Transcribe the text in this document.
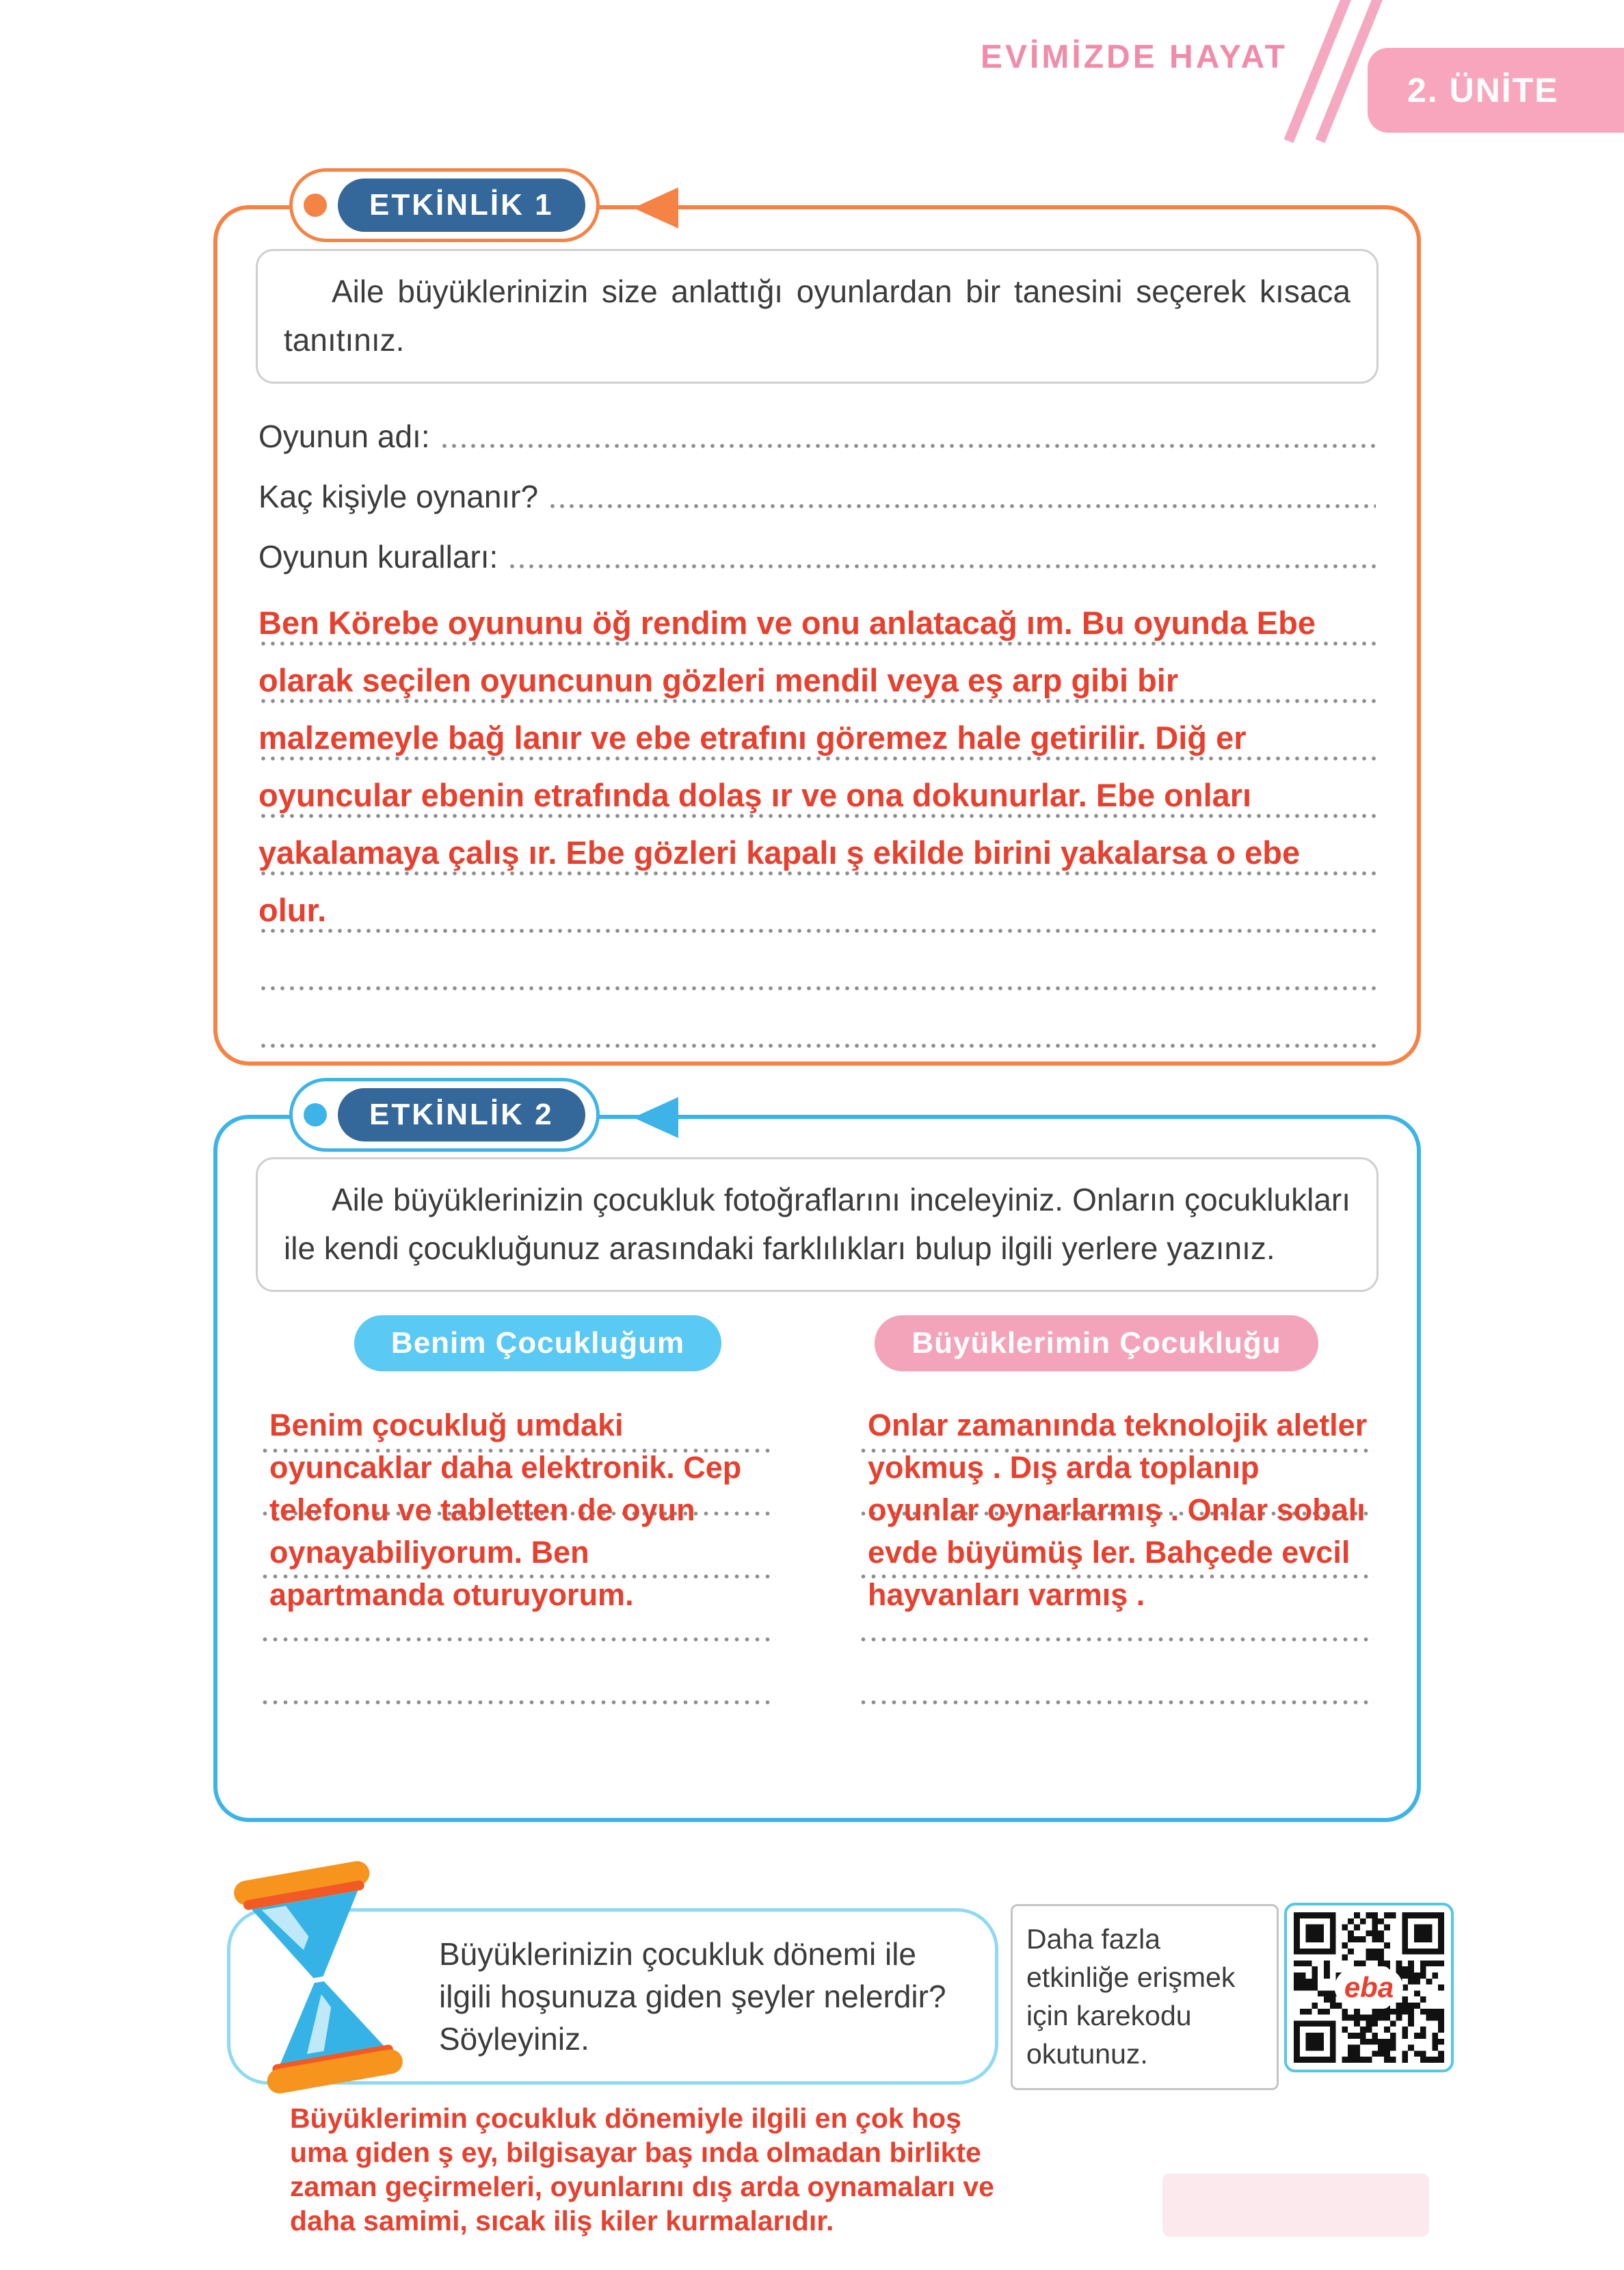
EVİMİZDE HAYAT
2. ÜNİTE
ETKİNLİK 1

Aile büyüklerinizin size anlattığı oyunlardan bir tanesini seçerek kısaca tanıtınız.

Oyunun adı:
Kaç kişiyle oynanır?
Oyunun kuralları:
Ben Körebe oyununu öğ rendim ve onu anlatacağ ım. Bu oyunda Ebe olarak seçilen oyuncunun gözleri mendil veya eş arp gibi bir malzemeyle bağ lanır ve ebe etrafını göremez hale getirilir. Diğ er oyuncular ebenin etrafında dolaş ır ve ona dokunurlar. Ebe onları yakalamaya çalış ır. Ebe gözleri kapalı ş ekilde birini yakalarsa o ebe olur.
ETKİNLİK 2

Aile büyüklerinizin çocukluk fotoğraflarını inceleyiniz. Onların çocuklukları ile kendi çocukluğunuz arasındaki farklılıkları bulup ilgili yerlere yazınız.

Benim Çocukluğum	Büyüklerimin Çocukluğu
Benim çocukluğ umdaki oyuncaklar daha elektronik. Cep telefonu ve tabletten de oyun oynayabiliyorum. Ben apartmanda oturuyorum.
Onlar zamanında teknolojik aletler yokmuş . Dış arda toplanıp oyunlar oynarlarmış . Onlar sobalı evde büyümüş ler. Bahçede evcil hayvanları varmış .

Büyüklerinizin çocukluk dönemi ile ilgili hoşunuza giden şeyler nelerdir? Söyleyiniz.

Daha fazla etkinliğe erişmek için karekodu okutunuz.

eba
Büyüklerimin çocukluk dönemiyle ilgili en çok hoş uma giden ş ey, bilgisayar baş ında olmadan birlikte zaman geçirmeleri, oyunlarını dış arda oynamaları ve daha samimi, sıcak iliş kiler kurmalarıdır.
